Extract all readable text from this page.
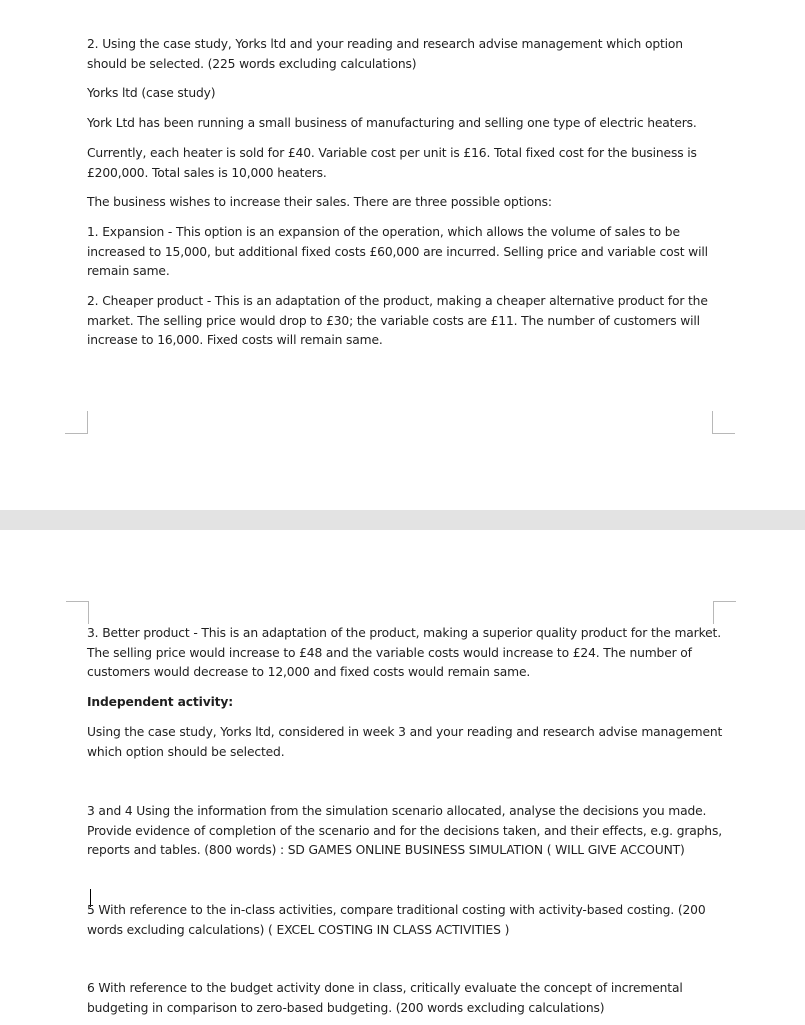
2. Using the case study, Yorks ltd and your reading and research advise management which option
should be selected. (225 words excluding calculations)

Yorks ltd (case study)

York Ltd has been running a small business of manufacturing and selling one type of electric heaters.

Currently, each heater is sold for £40. Variable cost per unit is £16. Total fixed cost for the business is
£200,000. Total sales is 10,000 heaters.

The business wishes to increase their sales. There are three possible options:

1. Expansion - This option is an expansion of the operation, which allows the volume of sales to be
increased to 15,000, but additional fixed costs £60,000 are incurred. Selling price and variable cost will
remain same.

2. Cheaper product - This is an adaptation of the product, making a cheaper alternative product for the
market. The selling price would drop to £30; the variable costs are £11. The number of customers will
increase to 16,000. Fixed costs will remain same.

3. Better product - This is an adaptation of the product, making a superior quality product for the market.
The selling price would increase to £48 and the variable costs would increase to £24. The number of
customers would decrease to 12,000 and fixed costs would remain same.

Independent activity:

Using the case study, Yorks ltd, considered in week 3 and your reading and research advise management
which option should be selected.

3 and 4 Using the information from the simulation scenario allocated, analyse the decisions you made.
Provide evidence of completion of the scenario and for the decisions taken, and their effects, e.g. graphs,
reports and tables. (800 words) : SD GAMES ONLINE BUSINESS SIMULATION ( WILL GIVE ACCOUNT)

5 With reference to the in-class activities, compare traditional costing with activity-based costing. (200
words excluding calculations) ( EXCEL COSTING IN CLASS ACTIVITIES )

6 With reference to the budget activity done in class, critically evaluate the concept of incremental
budgeting in comparison to zero-based budgeting. (200 words excluding calculations)
